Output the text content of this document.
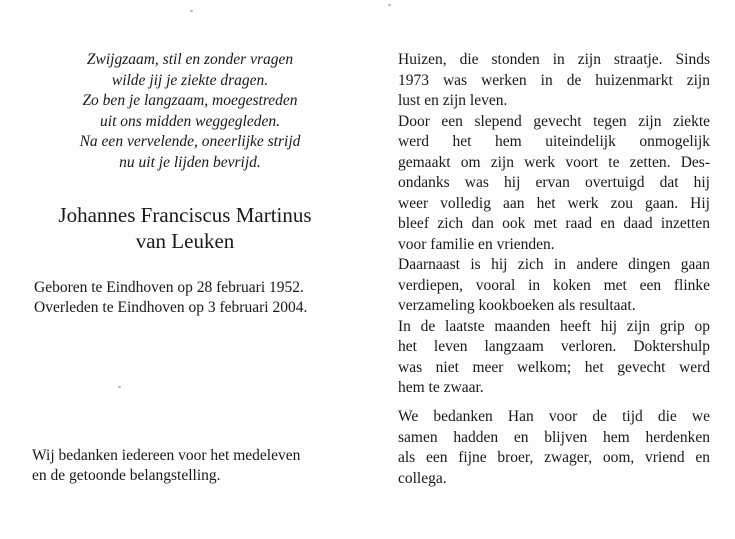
Zwijgzaam, stil en zonder vragen
wilde jij je ziekte dragen.
Zo ben je langzaam, moegestreden
uit ons midden weggegleden.
Na een vervelende, oneerlijke strijd
nu uit je lijden bevrijd.
Johannes Franciscus Martinus
van Leuken
Geboren te Eindhoven op 28 februari 1952.
Overleden te Eindhoven op 3 februari 2004.
Wij bedanken iedereen voor het medeleven
en de getoonde belangstelling.
Huizen, die stonden in zijn straatje. Sinds
1973 was werken in de huizenmarkt zijn
lust en zijn leven.
Door een slepend gevecht tegen zijn ziekte
werd het hem uiteindelijk onmogelijk
gemaakt om zijn werk voort te zetten. Des-
ondanks was hij ervan overtuigd dat hij
weer volledig aan het werk zou gaan. Hij
bleef zich dan ook met raad en daad inzetten
voor familie en vrienden.
Daarnaast is hij zich in andere dingen gaan
verdiepen, vooral in koken met een flinke
verzameling kookboeken als resultaat.
In de laatste maanden heeft hij zijn grip op
het leven langzaam verloren. Doktershulp
was niet meer welkom; het gevecht werd
hem te zwaar.
We bedanken Han voor de tijd die we
samen hadden en blijven hem herdenken
als een fijne broer, zwager, oom, vriend en
collega.
